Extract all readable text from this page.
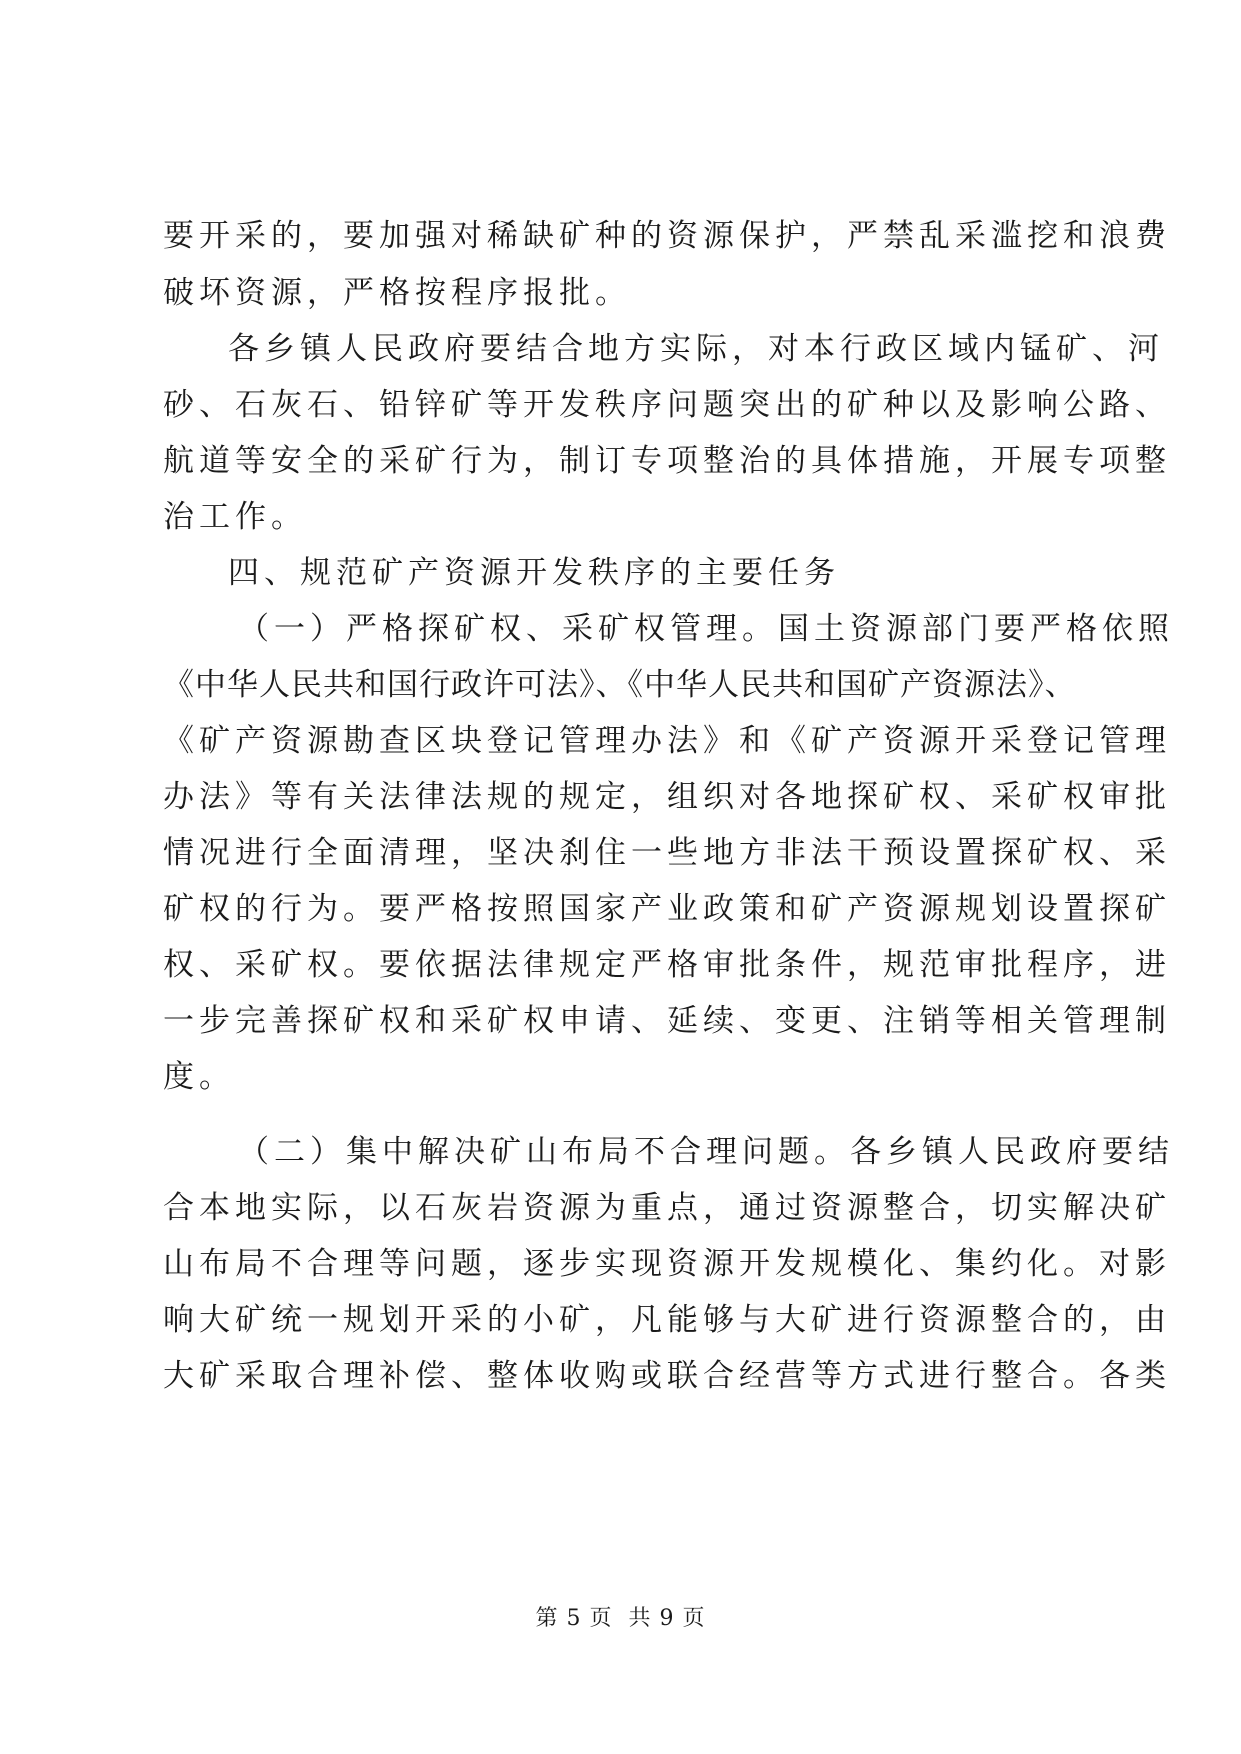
要开采的，要加强对稀缺矿种的资源保护，严禁乱采滥挖和浪费
破坏资源，严格按程序报批。
各乡镇人民政府要结合地方实际，对本行政区域内锰矿、河
砂、石灰石、铅锌矿等开发秩序问题突出的矿种以及影响公路、
航道等安全的采矿行为，制订专项整治的具体措施，开展专项整
治工作。
四、规范矿产资源开发秩序的主要任务
（一）严格探矿权、采矿权管理。国土资源部门要严格依照
《中华人民共和国行政许可法》、《中华人民共和国矿产资源法》、
《矿产资源勘查区块登记管理办法》和《矿产资源开采登记管理
办法》等有关法律法规的规定，组织对各地探矿权、采矿权审批
情况进行全面清理，坚决刹住一些地方非法干预设置探矿权、采
矿权的行为。要严格按照国家产业政策和矿产资源规划设置探矿
权、采矿权。要依据法律规定严格审批条件，规范审批程序，进
一步完善探矿权和采矿权申请、延续、变更、注销等相关管理制
度。
（二）集中解决矿山布局不合理问题。各乡镇人民政府要结
合本地实际，以石灰岩资源为重点，通过资源整合，切实解决矿
山布局不合理等问题，逐步实现资源开发规模化、集约化。对影
响大矿统一规划开采的小矿，凡能够与大矿进行资源整合的，由
大矿采取合理补偿、整体收购或联合经营等方式进行整合。各类
第 5 页  共 9 页
